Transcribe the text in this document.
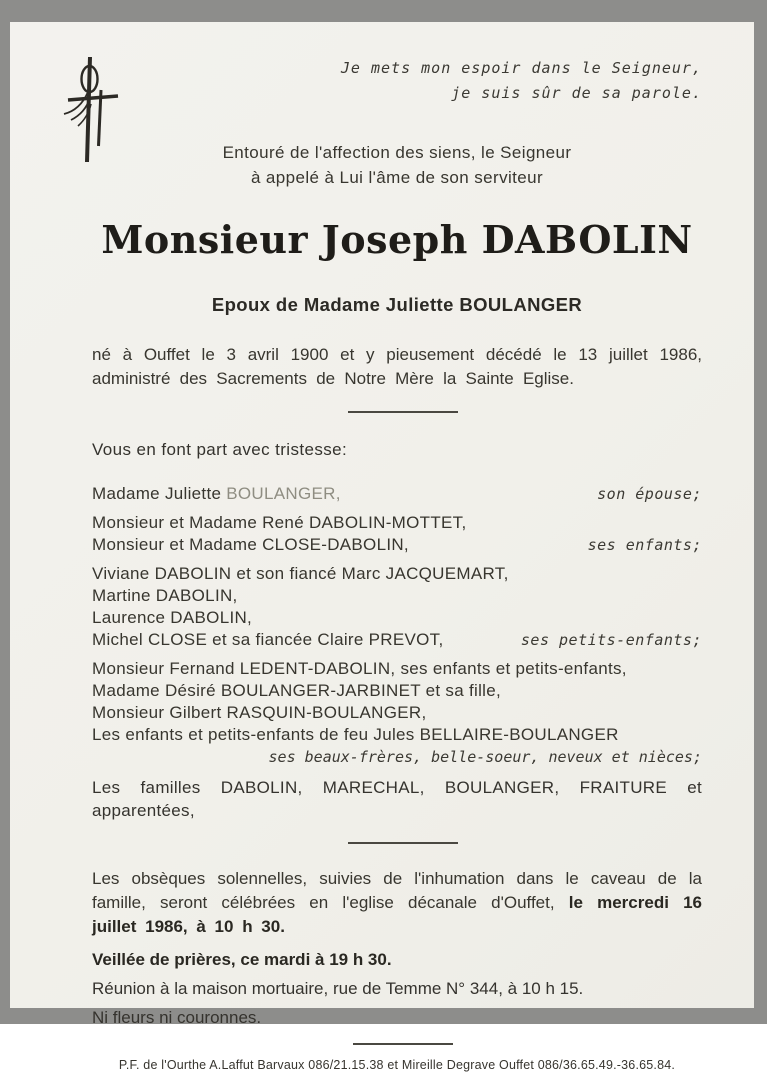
Je mets mon espoir dans le Seigneur,

je suis sûr de sa parole.

Entouré de l'affection des siens, le Seigneur

à appelé à Lui l'âme de son serviteur

Monsieur Joseph DABOLIN
Epoux de Madame Juliette BOULANGER

né à Ouffet le 3 avril 1900 et y pieusement décédé le 13 juillet 1986, administré des Sacrements de Notre Mère la Sainte Eglise.

Vous en font part avec tristesse:

Madame Juliette BOULANGER,	son épouse;
Monsieur et Madame René DABOLIN-MOTTET,
Monsieur et Madame CLOSE-DABOLIN,	ses enfants;
Viviane DABOLIN et son fiancé Marc JACQUEMART,
Martine DABOLIN,
Laurence DABOLIN,
Michel CLOSE et sa fiancée Claire PREVOT,	ses petits-enfants;
Monsieur Fernand LEDENT-DABOLIN, ses enfants et petits-enfants,
Madame Désiré BOULANGER-JARBINET et sa fille,
Monsieur Gilbert RASQUIN-BOULANGER,
Les enfants et petits-enfants de feu Jules BELLAIRE-BOULANGER
ses beaux-frères, belle-soeur, neveux et nièces;

Les familles DABOLIN, MARECHAL, BOULANGER, FRAITURE et apparentées,

Les obsèques solennelles, suivies de l'inhumation dans le caveau de la famille, seront célébrées en l'eglise décanale d'Ouffet, le mercredi 16 juillet 1986, à 10 h 30.

Veillée de prières, ce mardi à 19 h 30.

Réunion à la maison mortuaire, rue de Temme N° 344, à 10 h 15.

Ni fleurs ni couronnes.

P.F. de l'Ourthe A.Laffut Barvaux 086/21.15.38 et Mireille Degrave Ouffet 086/36.65.49.-36.65.84.
